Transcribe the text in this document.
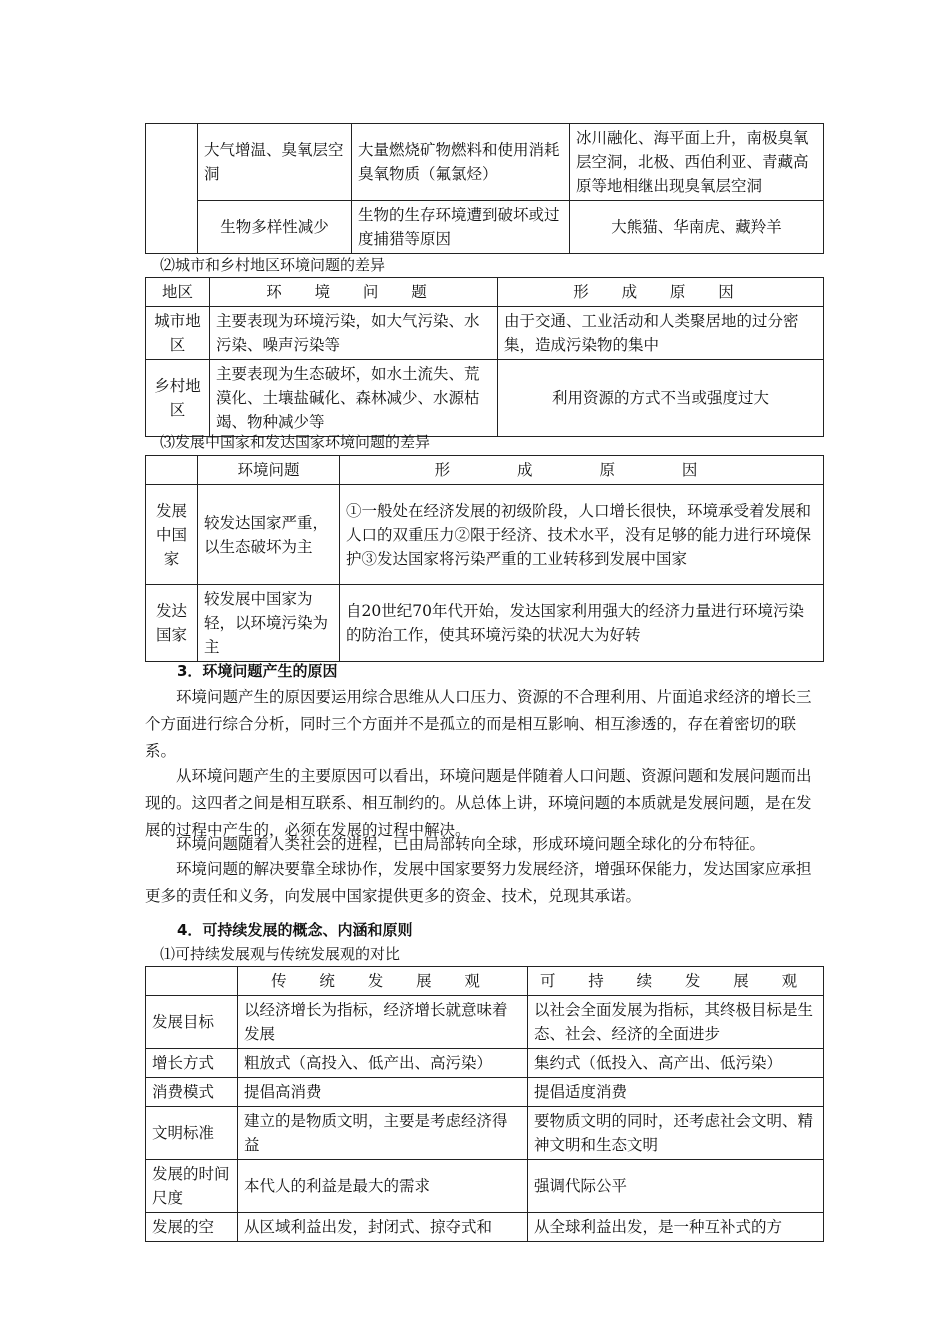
	大气增温、臭氧层空洞	大量燃烧矿物燃料和使用消耗臭氧物质（氟氯烃）	冰川融化、海平面上升，南极臭氧层空洞，北极、西伯利亚、青藏高原等地相继出现臭氧层空洞
	生物多样性减少	生物的生存环境遭到破坏或过度捕猎等原因	大熊猫、华南虎、藏羚羊
⑵城市和乡村地区环境问题的差异
地区	环 境 问 题	形 成 原 因
城市地区	主要表现为环境污染，如大气污染、水污染、噪声污染等	由于交通、工业活动和人类聚居地的过分密集，造成污染物的集中
乡村地区	主要表现为生态破坏，如水土流失、荒漠化、土壤盐碱化、森林减少、水源枯竭、物种减少等	利用资源的方式不当或强度过大
⑶发展中国家和发达国家环境问题的差异
	环境问题	形 成 原 因
发展中国家	较发达国家严重，以生态破坏为主	①一般处在经济发展的初级阶段，人口增长很快，环境承受着发展和人口的双重压力②限于经济、技术水平，没有足够的能力进行环境保护③发达国家将污染严重的工业转移到发展中国家
发达国家	较发展中国家为轻，以环境污染为主	自20世纪70年代开始，发达国家利用强大的经济力量进行环境污染的防治工作，使其环境污染的状况大为好转
3．环境问题产生的原因

环境问题产生的原因要运用综合思维从人口压力、资源的不合理利用、片面追求经济的增长三个方面进行综合分析，同时三个方面并不是孤立的而是相互影响、相互渗透的，存在着密切的联系。

从环境问题产生的主要原因可以看出，环境问题是伴随着人口问题、资源问题和发展问题而出现的。这四者之间是相互联系、相互制约的。从总体上讲，环境问题的本质就是发展问题，是在发展的过程中产生的，必须在发展的过程中解决。

环境问题随着人类社会的进程，已由局部转向全球，形成环境问题全球化的分布特征。

环境问题的解决要靠全球协作，发展中国家要努力发展经济，增强环保能力，发达国家应承担更多的责任和义务，向发展中国家提供更多的资金、技术，兑现其承诺。

4．可持续发展的概念、内涵和原则
⑴可持续发展观与传统发展观的对比
	传 统 发 展 观	可 持 续 发 展 观
发展目标	以经济增长为指标，经济增长就意味着发展	以社会全面发展为指标，其终极目标是生态、社会、经济的全面进步
增长方式	粗放式（高投入、低产出、高污染）	集约式（低投入、高产出、低污染）
消费模式	提倡高消费	提倡适度消费
文明标准	建立的是物质文明，主要是考虑经济得益	要物质文明的同时，还考虑社会文明、精神文明和生态文明
发展的时间尺度	本代人的利益是最大的需求	强调代际公平
发展的空	从区域利益出发，封闭式、掠夺式和	从全球利益出发，是一种互补式的方
